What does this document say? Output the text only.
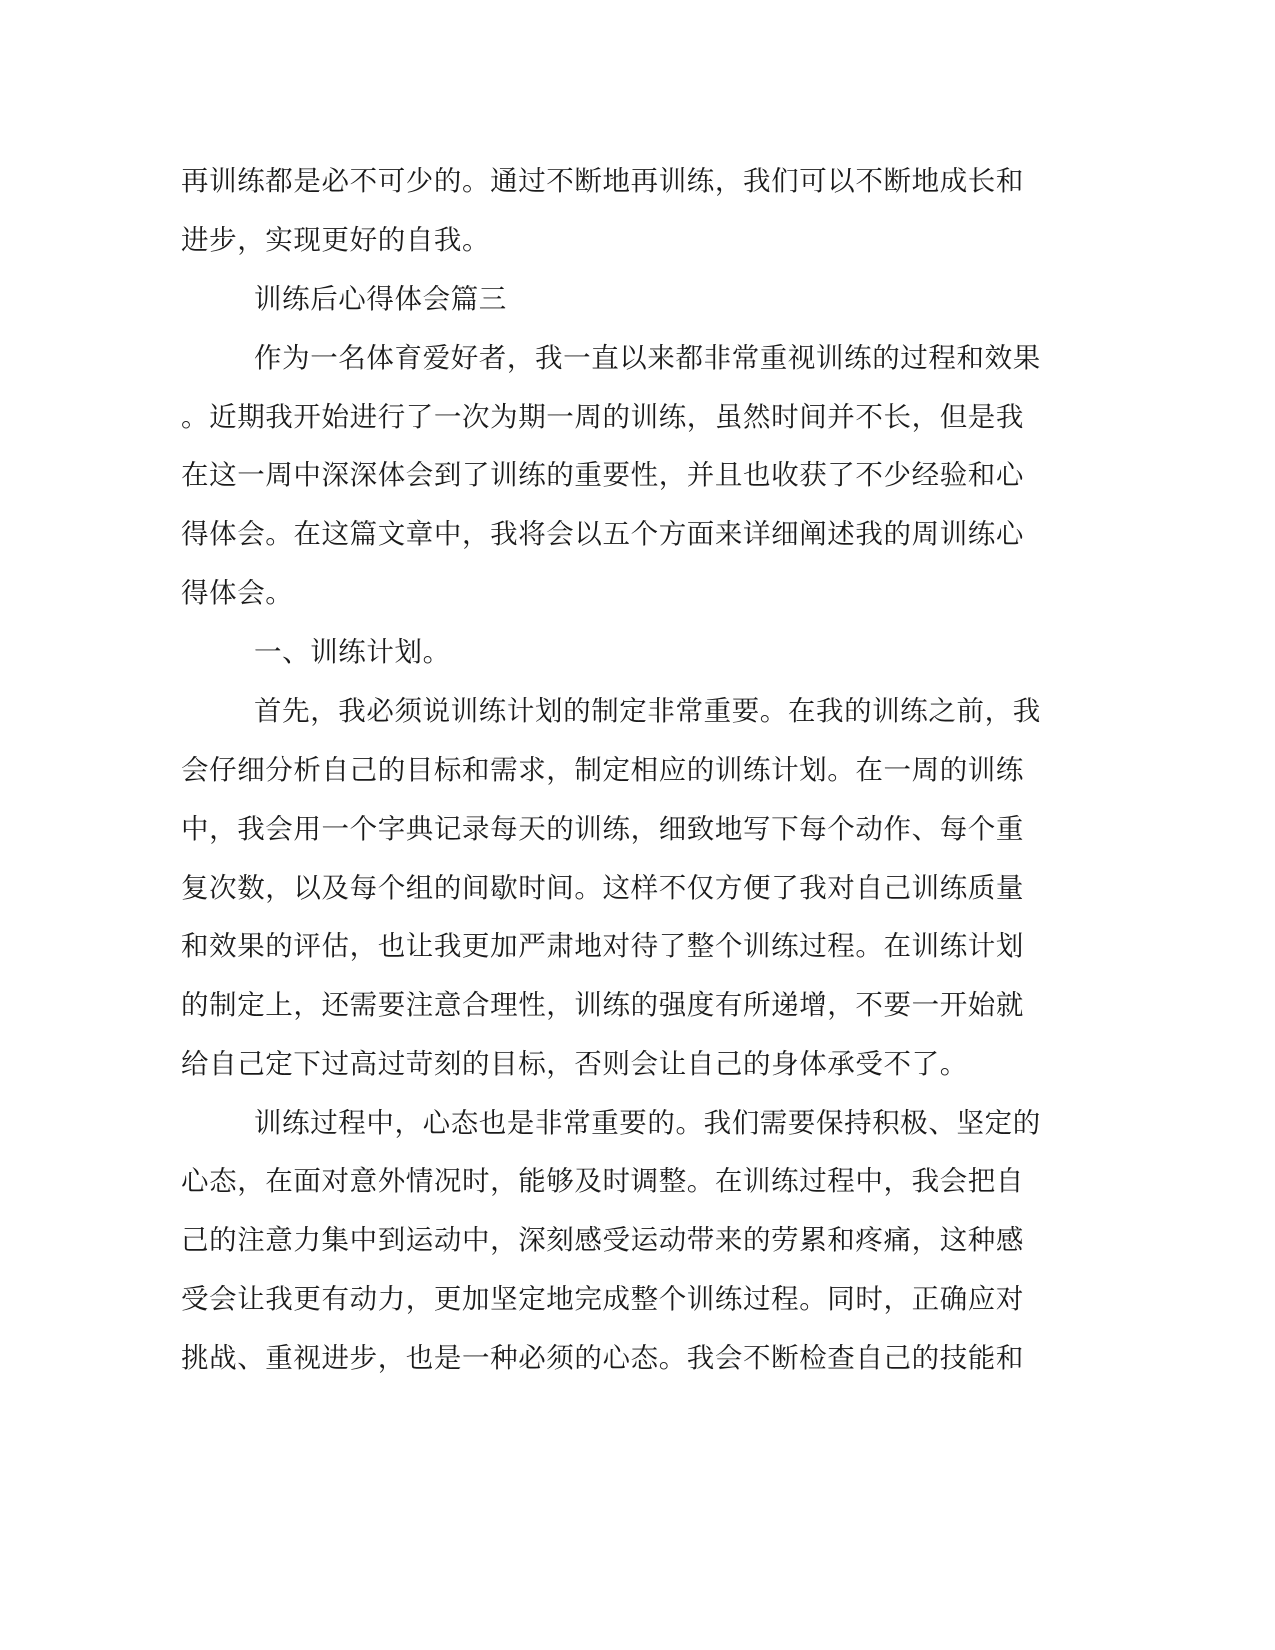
再训练都是必不可少的。通过不断地再训练，我们可以不断地成长和

进步，实现更好的自我。

训练后心得体会篇三

作为一名体育爱好者，我一直以来都非常重视训练的过程和效果

。近期我开始进行了一次为期一周的训练，虽然时间并不长，但是我

在这一周中深深体会到了训练的重要性，并且也收获了不少经验和心

得体会。在这篇文章中，我将会以五个方面来详细阐述我的周训练心

得体会。

一、训练计划。

首先，我必须说训练计划的制定非常重要。在我的训练之前，我

会仔细分析自己的目标和需求，制定相应的训练计划。在一周的训练

中，我会用一个字典记录每天的训练，细致地写下每个动作、每个重

复次数，以及每个组的间歇时间。这样不仅方便了我对自己训练质量

和效果的评估，也让我更加严肃地对待了整个训练过程。在训练计划

的制定上，还需要注意合理性，训练的强度有所递增，不要一开始就

给自己定下过高过苛刻的目标，否则会让自己的身体承受不了。

训练过程中，心态也是非常重要的。我们需要保持积极、坚定的

心态，在面对意外情况时，能够及时调整。在训练过程中，我会把自

己的注意力集中到运动中，深刻感受运动带来的劳累和疼痛，这种感

受会让我更有动力，更加坚定地完成整个训练过程。同时，正确应对

挑战、重视进步，也是一种必须的心态。我会不断检查自己的技能和
